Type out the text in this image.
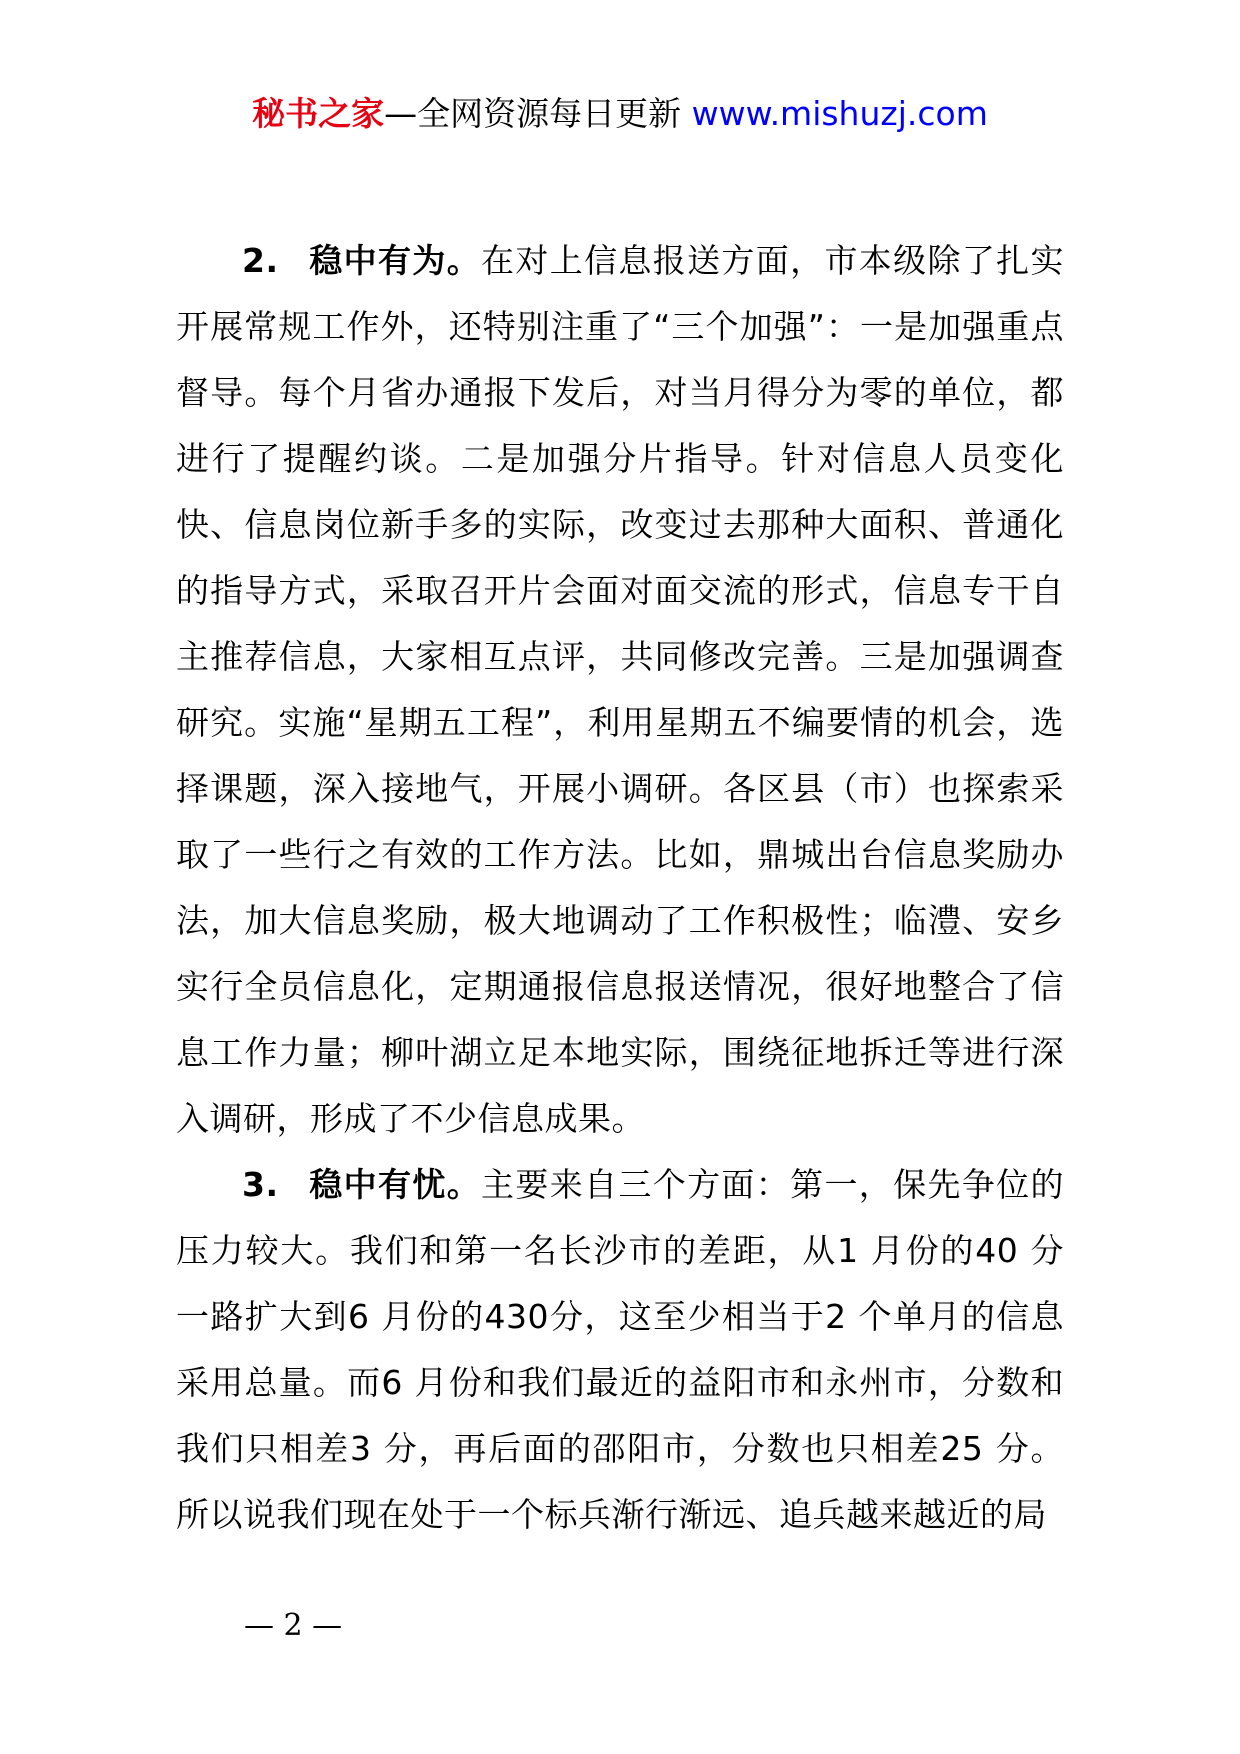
秘书之家—全网资源每日更新 www.mishuzj.com

2. 稳中有为。在对上信息报送方面，市本级除了扎实开展常规工作外，还特别注重了“三个加强”：一是加强重点督导。每个月省办通报下发后，对当月得分为零的单位，都进行了提醒约谈。二是加强分片指导。针对信息人员变化快、信息岗位新手多的实际，改变过去那种大面积、普通化的指导方式，采取召开片会面对面交流的形式，信息专干自主推荐信息，大家相互点评，共同修改完善。三是加强调查研究。实施“星期五工程”，利用星期五不编要情的机会，选择课题，深入接地气，开展小调研。各区县（市）也探索采取了一些行之有效的工作方法。比如，鼎城出台信息奖励办法，加大信息奖励，极大地调动了工作积极性；临澧、安乡实行全员信息化，定期通报信息报送情况，很好地整合了信息工作力量；柳叶湖立足本地实际，围绕征地拆迁等进行深入调研，形成了不少信息成果。

3. 稳中有忧。主要来自三个方面：第一，保先争位的压力较大。我们和第一名长沙市的差距，从1 月份的40 分一路扩大到6 月份的430分，这至少相当于2 个单月的信息采用总量。而6 月份和我们最近的益阳市和永州市，分数和我们只相差3 分，再后面的邵阳市，分数也只相差25 分。所以说我们现在处于一个标兵渐行渐远、追兵越来越近的局

— 2 —
